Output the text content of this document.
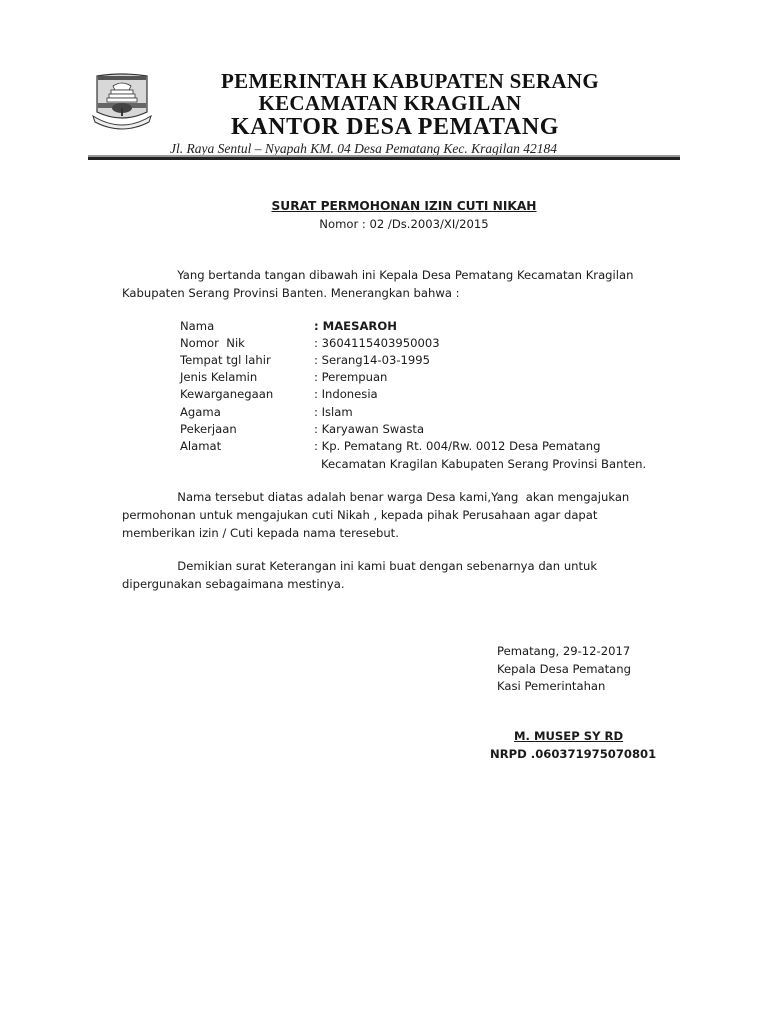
PEMERINTAH KABUPATEN SERANG
KECAMATAN KRAGILAN
KANTOR DESA PEMATANG
Jl. Raya Sentul – Nyapah KM. 04 Desa Pematang Kec. Kragilan 42184
SURAT PERMOHONAN IZIN CUTI NIKAH
Nomor : 02 /Ds.2003/XI/2015
Yang bertanda tangan dibawah ini Kepala Desa Pematang Kecamatan Kragilan
Kabupaten Serang Provinsi Banten. Menerangkan bahwa :
Nama	: MAESAROH
Nomor  Nik	: 3604115403950003
Tempat tgl lahir	: Serang14-03-1995
Jenis Kelamin	: Perempuan
Kewarganegaan	: Indonesia
Agama	: Islam
Pekerjaan	: Karyawan Swasta
Alamat	: Kp. Pematang Rt. 004/Rw. 0012 Desa Pematang
Kecamatan Kragilan Kabupaten Serang Provinsi Banten.
Nama tersebut diatas adalah benar warga Desa kami,Yang  akan mengajukan
permohonan untuk mengajukan cuti Nikah , kepada pihak Perusahaan agar dapat
memberikan izin / Cuti kepada nama teresebut.
Demikian surat Keterangan ini kami buat dengan sebenarnya dan untuk
dipergunakan sebagaimana mestinya.
Pematang, 29-12-2017
Kepala Desa Pematang
Kasi Pemerintahan
M. MUSEP SY RD
NRPD .060371975070801
